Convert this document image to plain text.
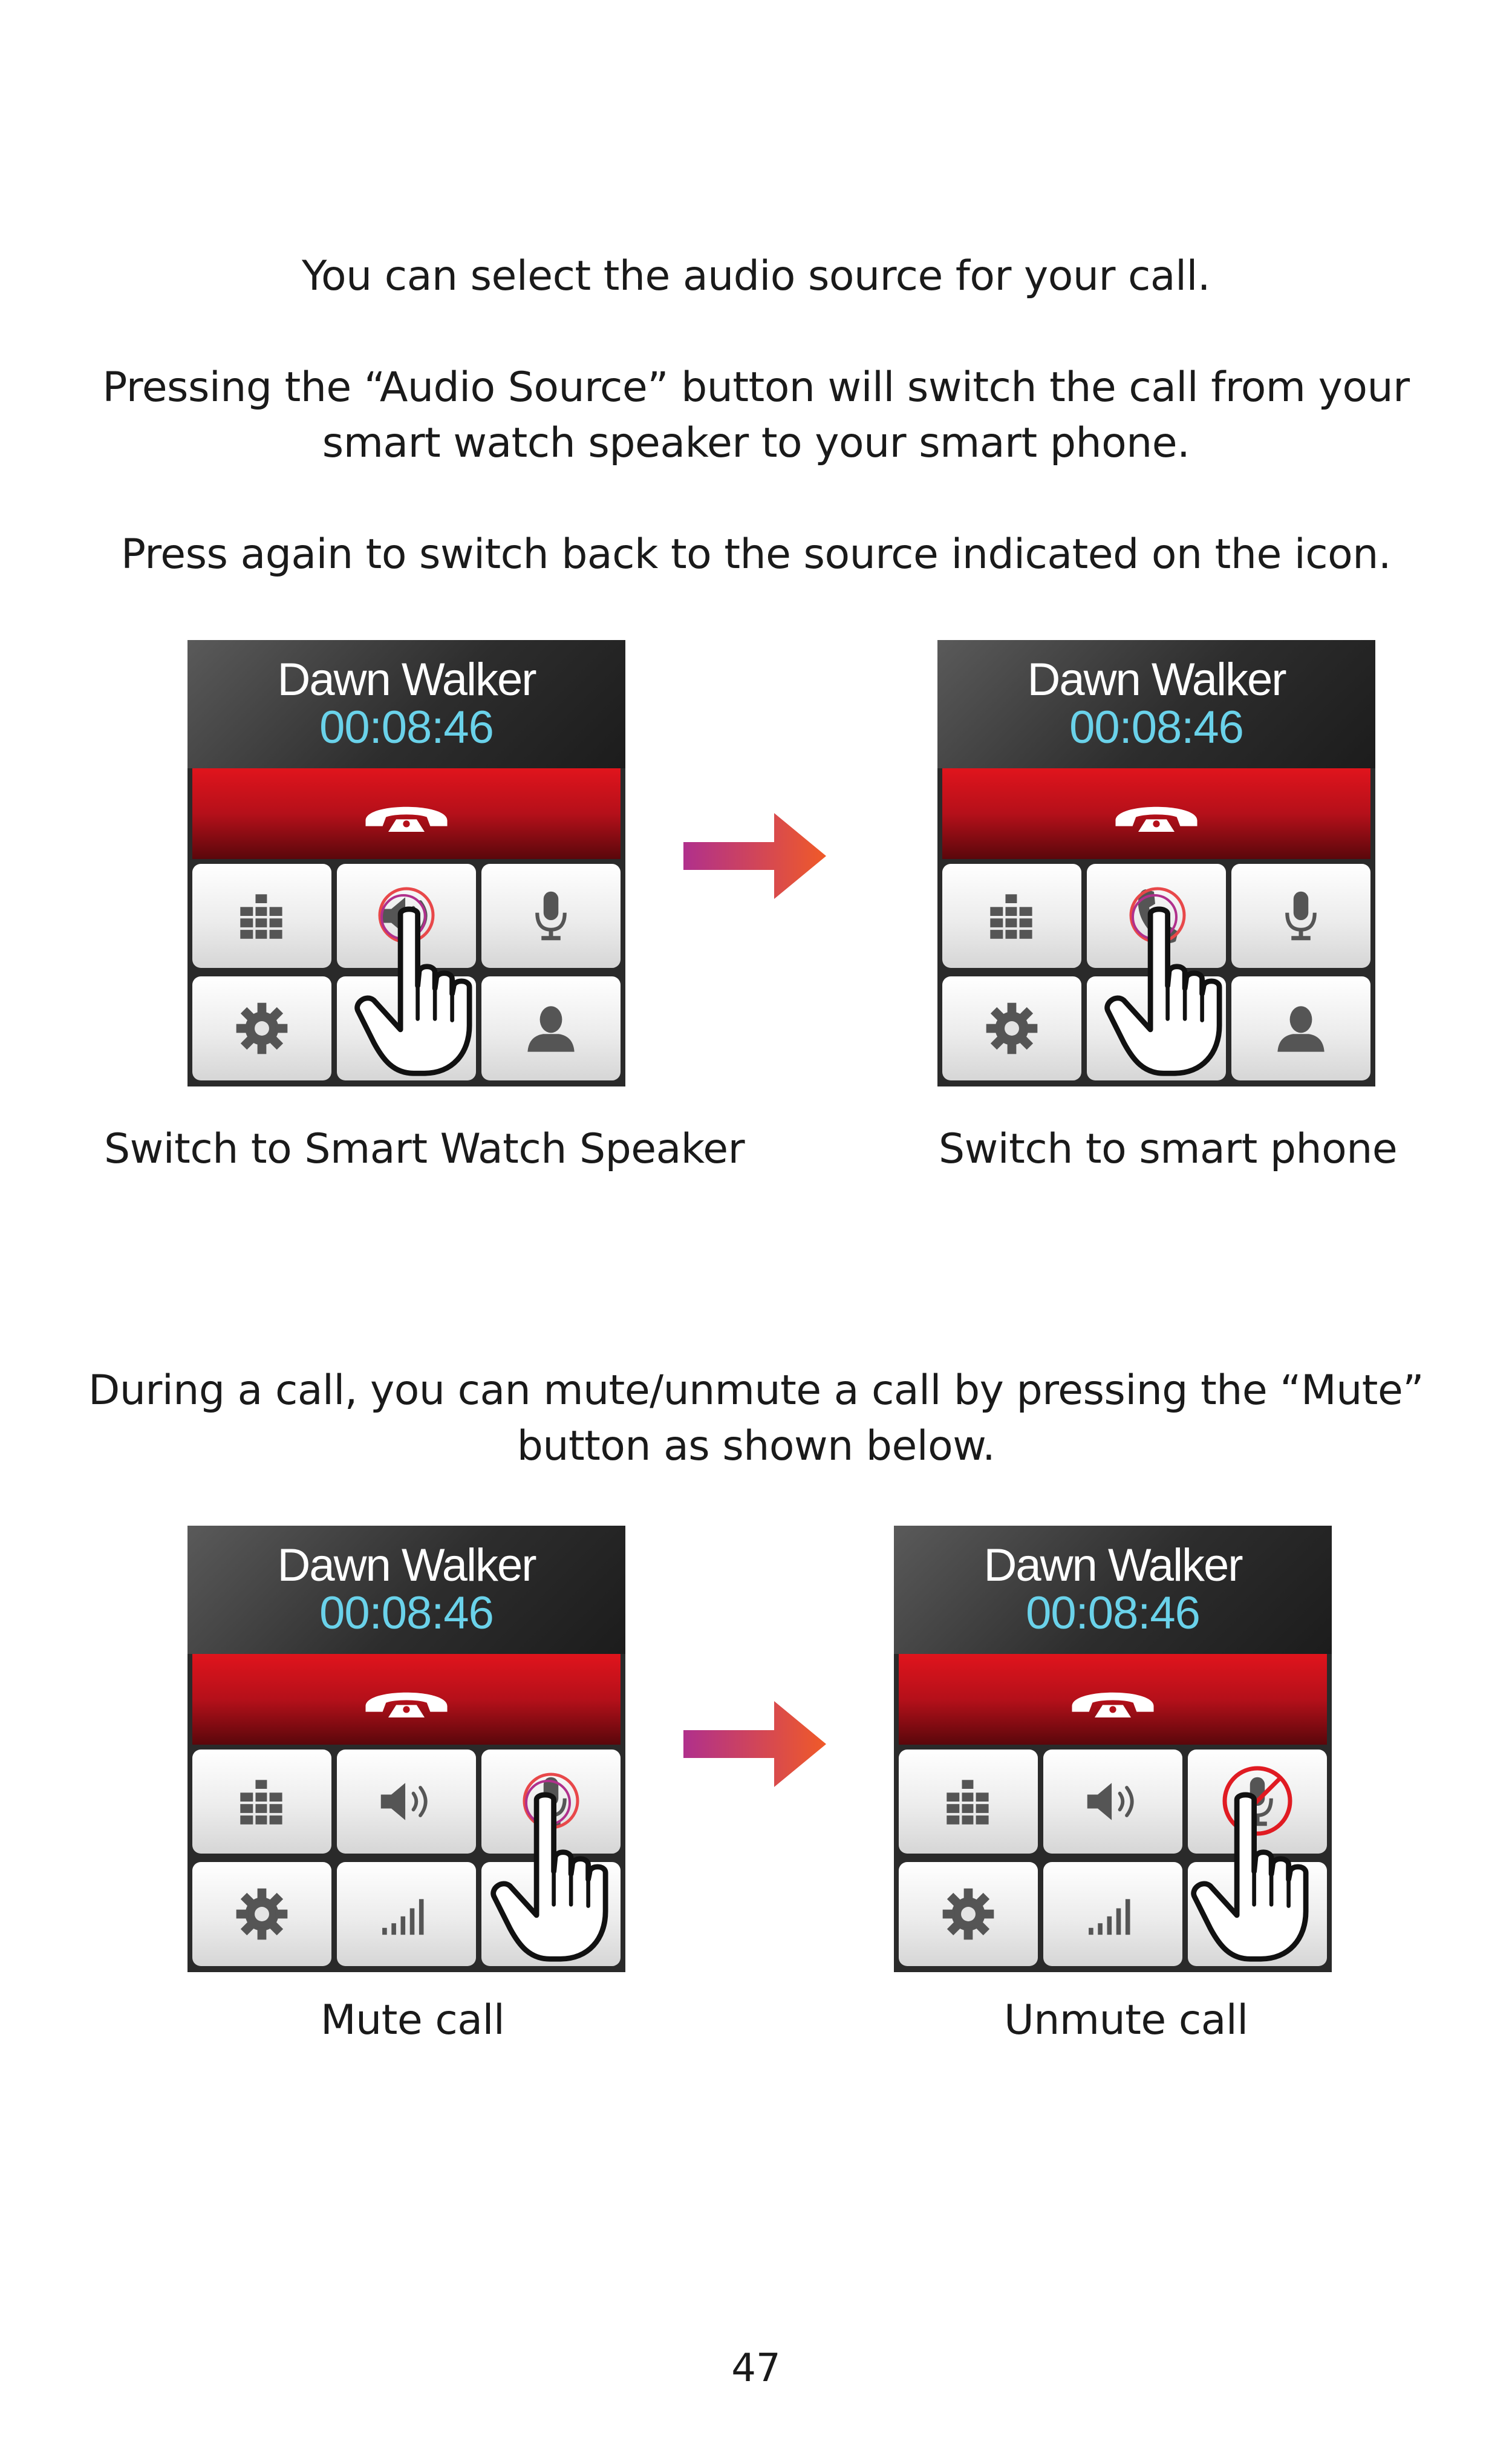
You can select the audio source for your call.

Pressing the “Audio Source” button will switch the call from your

smart watch speaker to your smart phone.

Press again to switch back to the source indicated on the icon.

Dawn Walker
00:08:46
Dawn Walker
00:08:46
Switch to Smart Watch Speaker	Switch to smart phone

During a call, you can mute/unmute a call by pressing the “Mute”

button as shown below.

Dawn Walker
00:08:46
Dawn Walker
00:08:46
Mute call	Unmute call
47
